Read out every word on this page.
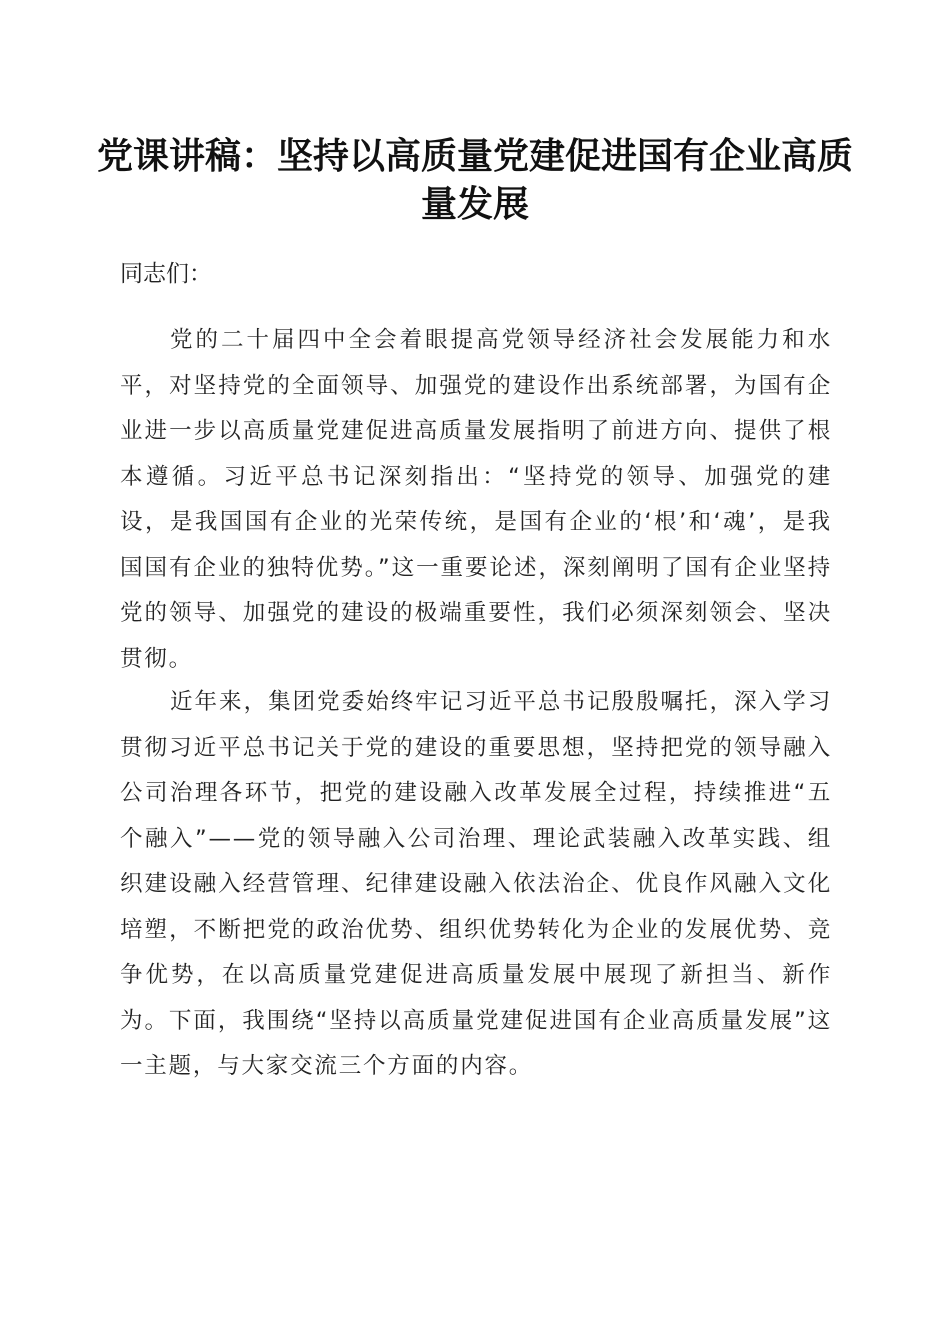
党课讲稿：坚持以高质量党建促进国有企业高质量发展

同志们：

党的二十届四中全会着眼提高党领导经济社会发展能力和水平，对坚持党的全面领导、加强党的建设作出系统部署，为国有企业进一步以高质量党建促进高质量发展指明了前进方向、提供了根本遵循。习近平总书记深刻指出：“坚持党的领导、加强党的建设，是我国国有企业的光荣传统，是国有企业的‘根’和‘魂’，是我国国有企业的独特优势。”这一重要论述，深刻阐明了国有企业坚持党的领导、加强党的建设的极端重要性，我们必须深刻领会、坚决贯彻。

近年来，集团党委始终牢记习近平总书记殷殷嘱托，深入学习贯彻习近平总书记关于党的建设的重要思想，坚持把党的领导融入公司治理各环节，把党的建设融入改革发展全过程，持续推进“五个融入”——党的领导融入公司治理、理论武装融入改革实践、组织建设融入经营管理、纪律建设融入依法治企、优良作风融入文化培塑，不断把党的政治优势、组织优势转化为企业的发展优势、竞争优势，在以高质量党建促进高质量发展中展现了新担当、新作为。下面，我围绕“坚持以高质量党建促进国有企业高质量发展”这一主题，与大家交流三个方面的内容。
